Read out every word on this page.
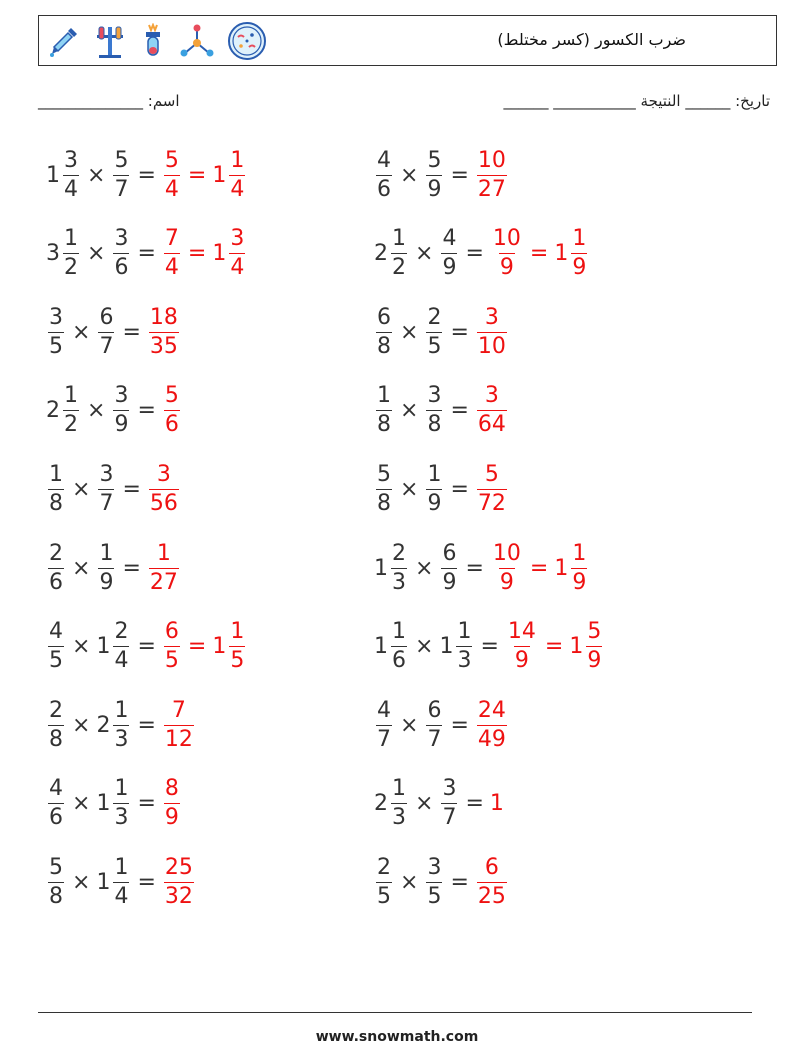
ضرب الكسور (كسر مختلط)
اسم: ______________	تاريخ: ______ النتيجة ___________ ______
$1 \frac{3}{4} \times \frac{5}{7} = \frac{5}{4} = 1 \frac{1}{4}$	$\frac{4}{6} \times \frac{5}{9} = \frac{10}{27}$
$3 \frac{1}{2} \times \frac{3}{6} = \frac{7}{4} = 1 \frac{3}{4}$	$2 \frac{1}{2} \times \frac{4}{9} = \frac{10}{9} = 1 \frac{1}{9}$
$\frac{3}{5} \times \frac{6}{7} = \frac{18}{35}$	$\frac{6}{8} \times \frac{2}{5} = \frac{3}{10}$
$2 \frac{1}{2} \times \frac{3}{9} = \frac{5}{6}$	$\frac{1}{8} \times \frac{3}{8} = \frac{3}{64}$
$\frac{1}{8} \times \frac{3}{7} = \frac{3}{56}$	$\frac{5}{8} \times \frac{1}{9} = \frac{5}{72}$
$\frac{2}{6} \times \frac{1}{9} = \frac{1}{27}$	$1 \frac{2}{3} \times \frac{6}{9} = \frac{10}{9} = 1 \frac{1}{9}$
$\frac{4}{5} \times 1 \frac{2}{4} = \frac{6}{5} = 1 \frac{1}{5}$	$1 \frac{1}{6} \times 1 \frac{1}{3} = \frac{14}{9} = 1 \frac{5}{9}$
$\frac{2}{8} \times 2 \frac{1}{3} = \frac{7}{12}$	$\frac{4}{7} \times \frac{6}{7} = \frac{24}{49}$
$\frac{4}{6} \times 1 \frac{1}{3} = \frac{8}{9}$	$2 \frac{1}{3} \times \frac{3}{7} = 1$
$\frac{5}{8} \times 1 \frac{1}{4} = \frac{25}{32}$	$\frac{2}{5} \times \frac{3}{5} = \frac{6}{25}$
www.snowmath.com
